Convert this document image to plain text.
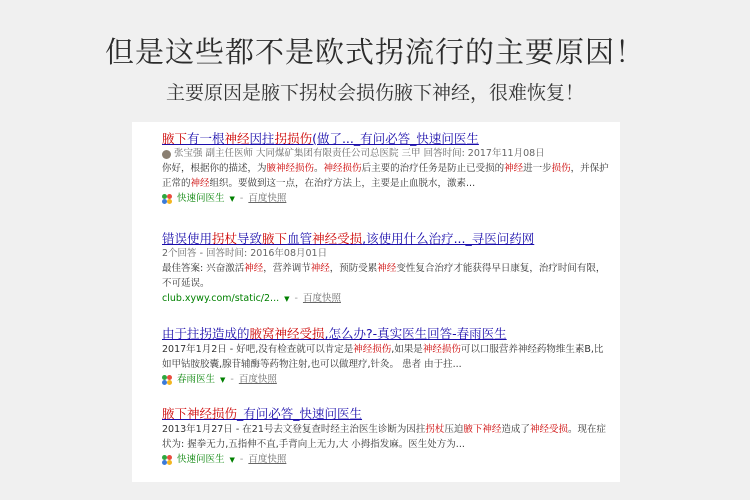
但是这些都不是欧式拐流行的主要原因！
主要原因是腋下拐杖会损伤腋下神经，很难恢复！
腋下有一根神经因拄拐损伤(做了..._有问必答_快速问医生
张宝强 副主任医师 大同煤矿集团有限责任公司总医院 三甲 回答时间: 2017年11月08日
你好，根据你的描述，为腋神经损伤。神经损伤后主要的治疗任务是防止已受损的神经进一步损伤，并保护正常的神经组织。要做到这一点，在治疗方法上，主要是止血脱水，激素...
快速问医生 ▼ - 百度快照
错误使用拐杖导致腋下血管神经受损,该使用什么治疗..._寻医问药网
2个回答 - 回答时间: 2016年08月01日
最佳答案: 兴奋激活神经，营养调节神经，预防受累神经变性复合治疗才能获得早日康复，治疗时间有限，不可延误。
club.xywy.com/static/2... ▼ - 百度快照
由于拄拐造成的腋窝神经受损,怎么办?-真实医生回答-春雨医生
2017年1月2日 - 好吧,没有检查就可以肯定是神经损伤,如果是神经损伤可以口服营养神经药物维生素B,比如甲钴胺胶囊,腺苷辅酶等药物注射,也可以做理疗,针灸。 患者 由于拄...
春雨医生 ▼ - 百度快照
腋下神经损伤_有问必答_快速问医生
2013年1月27日 - 在21号去文登复查时经主治医生诊断为因拄拐杖压迫腋下神经造成了神经受损。现在症状为: 握拳无力,五指伸不直,手背向上无力,大 小拇指发麻。医生处方为...
快速问医生 ▼ - 百度快照
